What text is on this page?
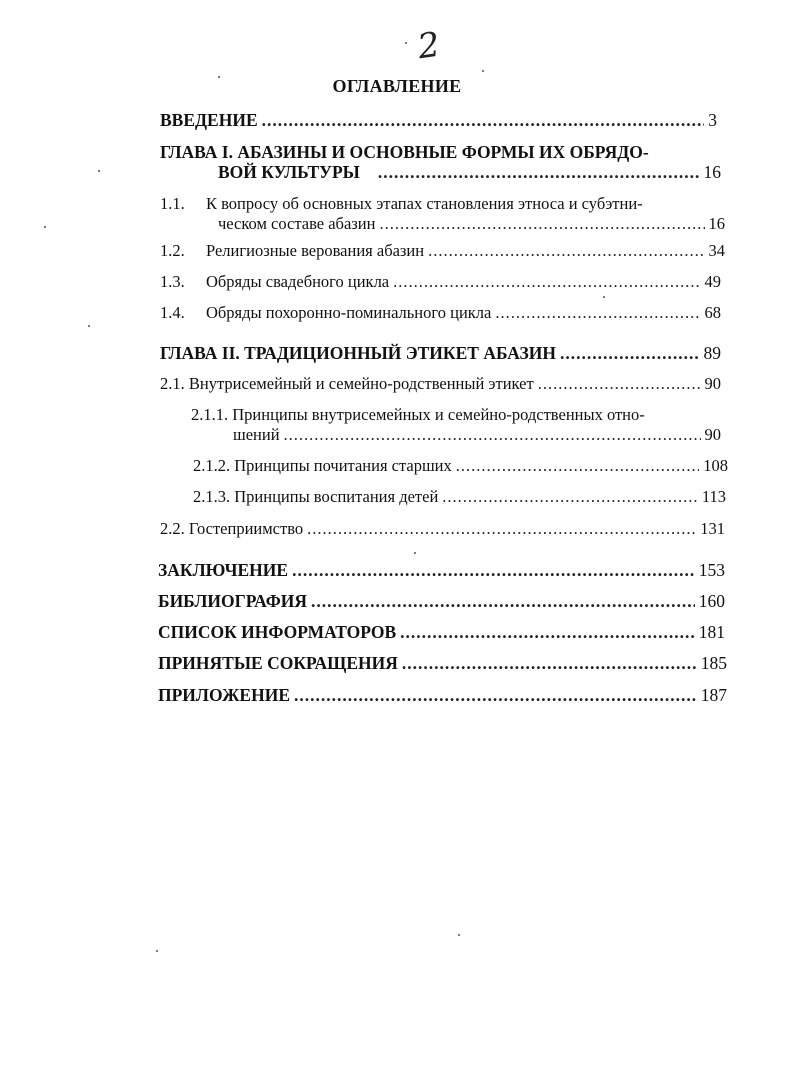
2
ОГЛАВЛЕНИЕ
ВВЕДЕНИЕ .....	3
ГЛАВА I. АБАЗИНЫ И ОСНОВНЫЕ ФОРМЫ ИХ ОБРЯДО-
ВОЙ КУЛЬТУРЫ .....	16
1.1. К вопросу об основных этапах становления этноса и субэтни-
ческом составе абазин .....	16
1.2.	Религиозные верования абазин .....	34
1.3.	Обряды свадебного цикла .....	49
1.4.	Обряды похоронно-поминального цикла .....	68
ГЛАВА II. ТРАДИЦИОННЫЙ ЭТИКЕТ АБАЗИН .....	89
2.1. Внутрисемейный и семейно-родственный этикет .....	90
2.1.1. Принципы внутрисемейных и семейно-родственных отно-
шений .....	90
2.1.2. Принципы почитания старших .....	108
2.1.3. Принципы воспитания детей .....	113
2.2. Гостеприимство .....	131
ЗАКЛЮЧЕНИЕ .....	153
БИБЛИОГРАФИЯ .....	160
СПИСОК ИНФОРМАТОРОВ .....	181
ПРИНЯТЫЕ СОКРАЩЕНИЯ .....	185
ПРИЛОЖЕНИЕ .....	187
